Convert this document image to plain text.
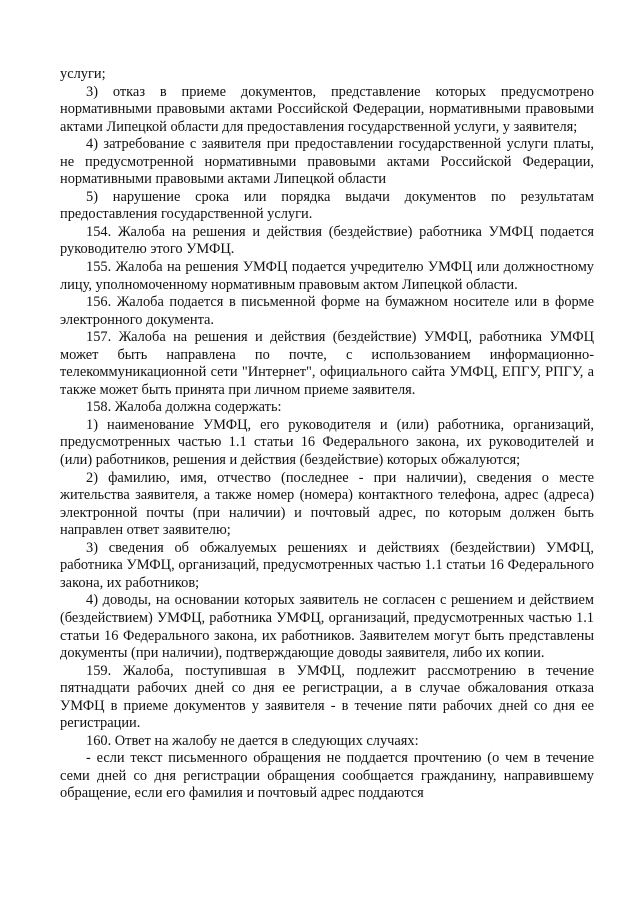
услуги;

3) отказ в приеме документов, представление которых предусмотрено нормативными правовыми актами Российской Федерации, нормативными правовыми актами Липецкой области для предоставления государственной услуги, у заявителя;

4) затребование с заявителя при предоставлении государственной услуги платы, не предусмотренной нормативными правовыми актами Российской Федерации, нормативными правовыми актами Липецкой области

5) нарушение срока или порядка выдачи документов по результатам предоставления государственной услуги.

154. Жалоба на решения и действия (бездействие) работника УМФЦ подается руководителю этого УМФЦ.

155. Жалоба на решения УМФЦ подается учредителю УМФЦ или должностному лицу, уполномоченному нормативным правовым актом Липецкой области.

156. Жалоба подается в письменной форме на бумажном носителе или в форме электронного документа.

157. Жалоба на решения и действия (бездействие) УМФЦ, работника УМФЦ может быть направлена по почте, с использованием информационно-телекоммуникационной сети "Интернет", официального сайта УМФЦ, ЕПГУ, РПГУ, а также может быть принята при личном приеме заявителя.

158. Жалоба должна содержать:

1) наименование УМФЦ, его руководителя и (или) работника, организаций, предусмотренных частью 1.1 статьи 16 Федерального закона, их руководителей и (или) работников, решения и действия (бездействие) которых обжалуются;

2) фамилию, имя, отчество (последнее - при наличии), сведения о месте жительства заявителя, а также номер (номера) контактного телефона, адрес (адреса) электронной почты (при наличии) и почтовый адрес, по которым должен быть направлен ответ заявителю;

3) сведения об обжалуемых решениях и действиях (бездействии) УМФЦ, работника УМФЦ, организаций, предусмотренных частью 1.1 статьи 16 Федерального закона, их работников;

4) доводы, на основании которых заявитель не согласен с решением и действием (бездействием) УМФЦ, работника УМФЦ, организаций, предусмотренных частью 1.1 статьи 16 Федерального закона, их работников. Заявителем могут быть представлены документы (при наличии), подтверждающие доводы заявителя, либо их копии.

159. Жалоба, поступившая в УМФЦ, подлежит рассмотрению в течение пятнадцати рабочих дней со дня ее регистрации, а в случае обжалования отказа УМФЦ в приеме документов у заявителя - в течение пяти рабочих дней со дня ее регистрации.

160. Ответ на жалобу не дается в следующих случаях:

- если текст письменного обращения не поддается прочтению (о чем в течение семи дней со дня регистрации обращения сообщается гражданину, направившему обращение, если его фамилия и почтовый адрес поддаются
